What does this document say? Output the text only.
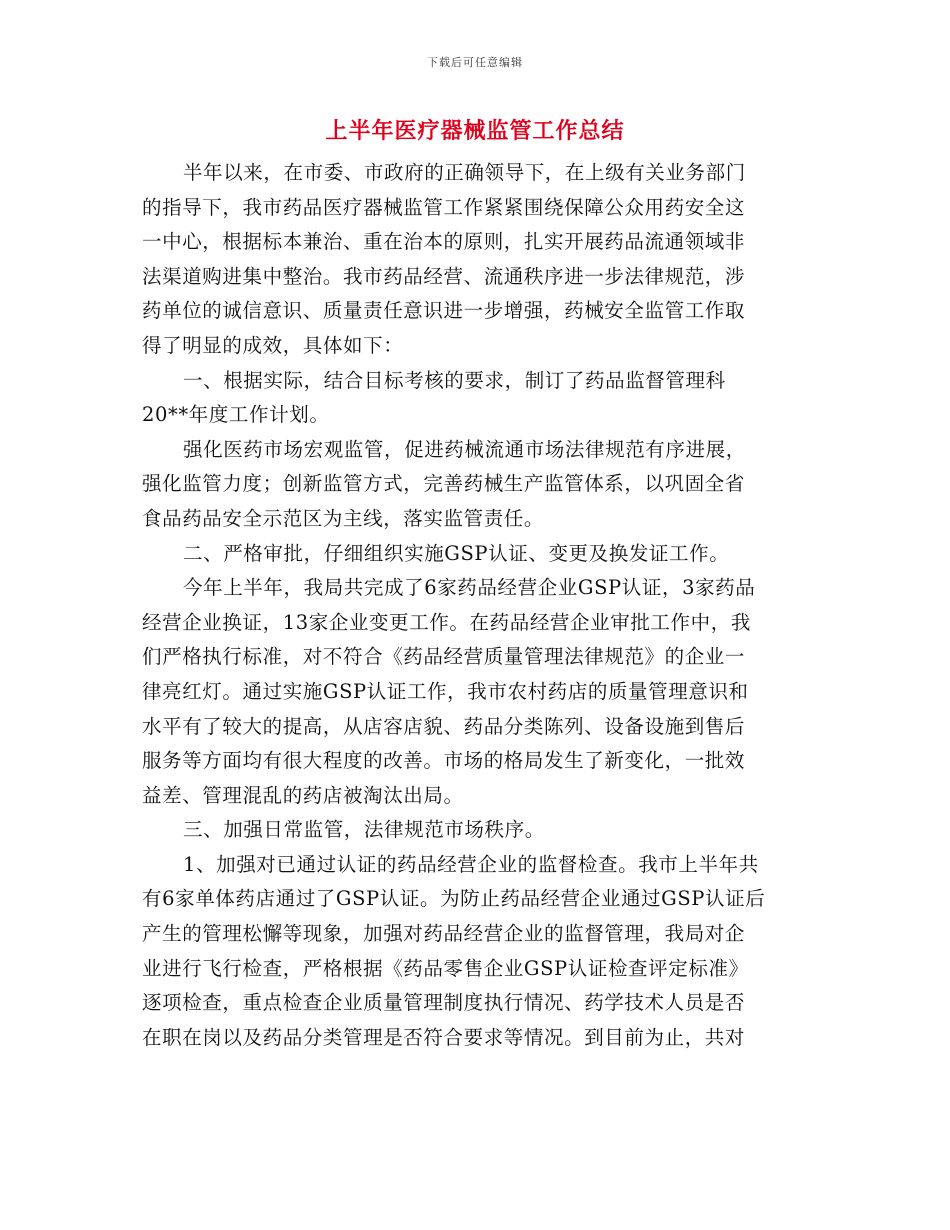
下载后可任意编辑
上半年医疗器械监管工作总结
半年以来，在市委、市政府的正确领导下，在上级有关业务部门
的指导下，我市药品医疗器械监管工作紧紧围绕保障公众用药安全这
一中心，根据标本兼治、重在治本的原则，扎实开展药品流通领域非
法渠道购进集中整治。我市药品经营、流通秩序进一步法律规范，涉
药单位的诚信意识、质量责任意识进一步增强，药械安全监管工作取
得了明显的成效，具体如下：
一、根据实际，结合目标考核的要求，制订了药品监督管理科
20**年度工作计划。
强化医药市场宏观监管，促进药械流通市场法律规范有序进展，
强化监管力度；创新监管方式，完善药械生产监管体系，以巩固全省
食品药品安全示范区为主线，落实监管责任。
二、严格审批，仔细组织实施GSP认证、变更及换发证工作。
今年上半年，我局共完成了6家药品经营企业GSP认证，3家药品
经营企业换证，13家企业变更工作。在药品经营企业审批工作中，我
们严格执行标准，对不符合《药品经营质量管理法律规范》的企业一
律亮红灯。通过实施GSP认证工作，我市农村药店的质量管理意识和
水平有了较大的提高，从店容店貌、药品分类陈列、设备设施到售后
服务等方面均有很大程度的改善。市场的格局发生了新变化，一批效
益差、管理混乱的药店被淘汰出局。
三、加强日常监管，法律规范市场秩序。
1、加强对已通过认证的药品经营企业的监督检查。我市上半年共
有6家单体药店通过了GSP认证。为防止药品经营企业通过GSP认证后
产生的管理松懈等现象，加强对药品经营企业的监督管理，我局对企
业进行飞行检查，严格根据《药品零售企业GSP认证检查评定标准》
逐项检查，重点检查企业质量管理制度执行情况、药学技术人员是否
在职在岗以及药品分类管理是否符合要求等情况。到目前为止，共对
